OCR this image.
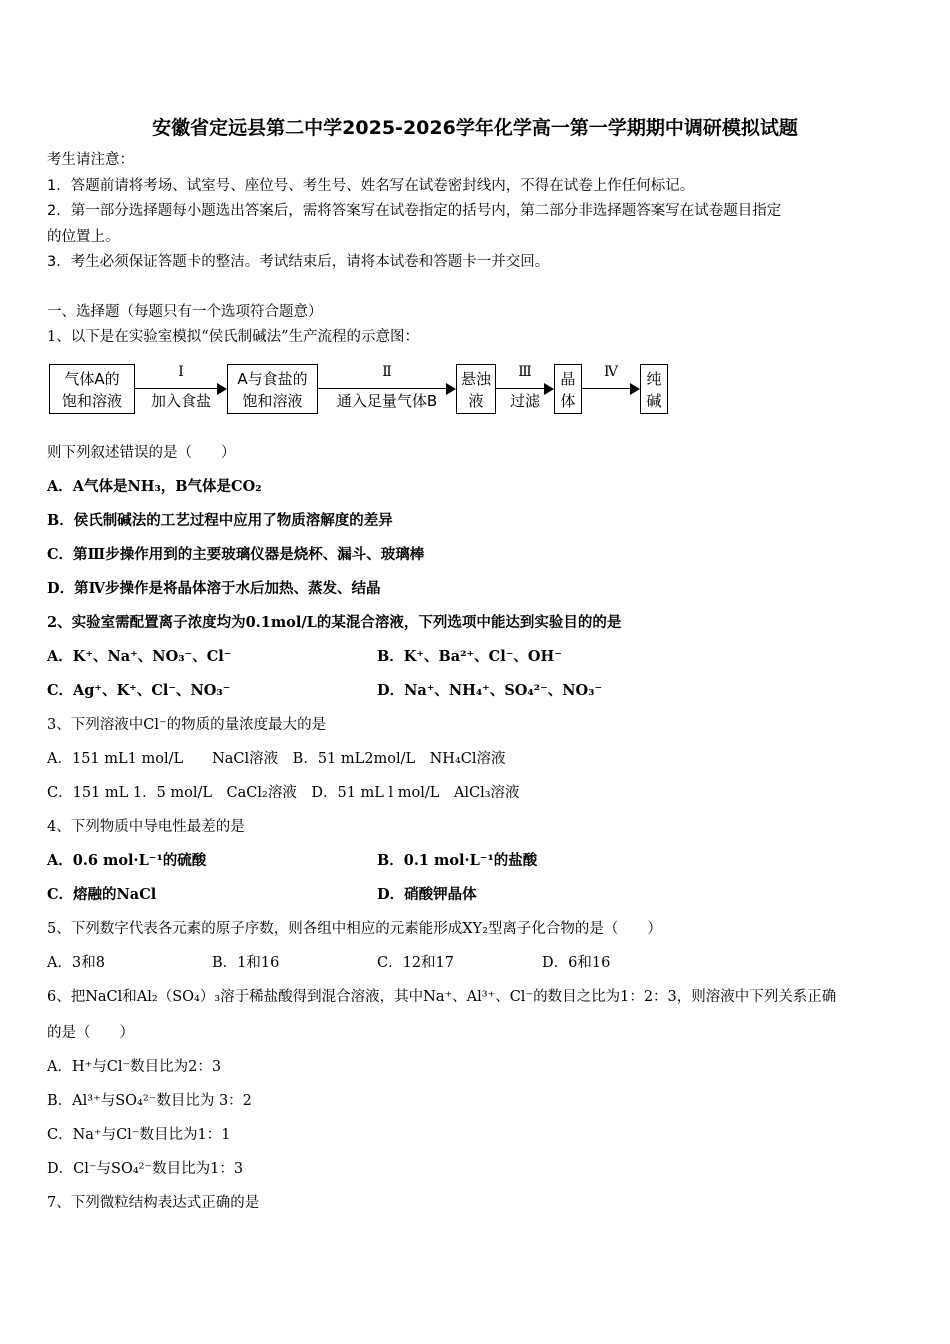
安徽省定远县第二中学2025-2026学年化学高一第一学期期中调研模拟试题
考生请注意：
1．答题前请将考场、试室号、座位号、考生号、姓名写在试卷密封线内，不得在试卷上作任何标记。
2．第一部分选择题每小题选出答案后，需将答案写在试卷指定的括号内，第二部分非选择题答案写在试卷题目指定
的位置上。
3．考生必须保证答题卡的整洁。考试结束后，请将本试卷和答题卡一并交回。
一、选择题（每题只有一个选项符合题意）
1、以下是在实验室模拟“侯氏制碱法”生产流程的示意图：
气体A的
饱和溶液
Ⅰ
加入食盐
A与食盐的
饱和溶液
Ⅱ
通入足量气体B
悬浊
液
Ⅲ
过滤
晶
体
Ⅳ	纯
碱
则下列叙述错误的是（　　）
A．A气体是NH₃，B气体是CO₂
B．侯氏制碱法的工艺过程中应用了物质溶解度的差异
C．第Ⅲ步操作用到的主要玻璃仪器是烧杯、漏斗、玻璃棒
D．第Ⅳ步操作是将晶体溶于水后加热、蒸发、结晶
2、实验室需配置离子浓度均为0.1mol/L的某混合溶液，下列选项中能达到实验目的的是
A．K⁺、Na⁺、NO₃⁻、Cl⁻	B．K⁺、Ba²⁺、Cl⁻、OH⁻
C．Ag⁺、K⁺、Cl⁻、NO₃⁻	D．Na⁺、NH₄⁺、SO₄²⁻、NO₃⁻
3、下列溶液中Cl⁻的物质的量浓度最大的是
A．151 mL1 mol/L　　NaCl溶液　B．51 mL2mol/L　NH₄Cl溶液
C．151 mL 1．5 mol/L　CaCl₂溶液　D．51 mL l mol/L　AlCl₃溶液
4、下列物质中导电性最差的是
A．0.6 mol·L⁻¹的硫酸	B．0.1 mol·L⁻¹的盐酸
C．熔融的NaCl	D．硝酸钾晶体
5、下列数字代表各元素的原子序数，则各组中相应的元素能形成XY₂型离子化合物的是（　　）
A．3和8	B．1和16	C．12和17	D．6和16
6、把NaCl和Al₂（SO₄）₃溶于稀盐酸得到混合溶液，其中Na⁺、Al³⁺、Cl⁻的数目之比为1：2：3，则溶液中下列关系正确
的是（　　）
A．H⁺与Cl⁻数目比为2：3
B．Al³⁺与SO₄²⁻数目比为 3：2
C．Na⁺与Cl⁻数目比为1：1
D．Cl⁻与SO₄²⁻数目比为1：3
7、下列微粒结构表达式正确的是
